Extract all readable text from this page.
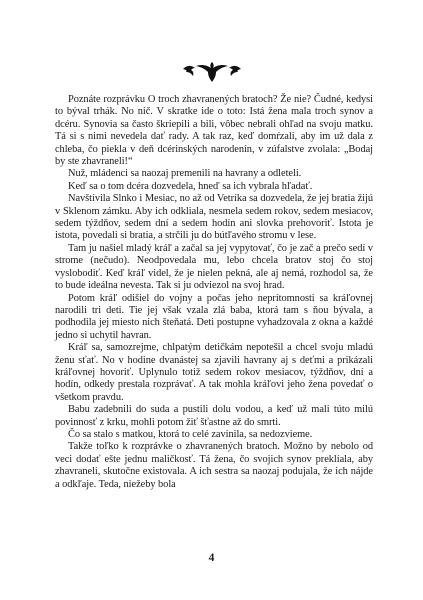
Poznáte rozprávku O troch zhavranených bratoch? Že nie? Čudné, kedysi to býval trhák. No nič. V skratke ide o toto: Istá žena mala troch synov a dcéru. Synovia sa často škriepili a bili, vôbec nebrali ohľad na svoju matku. Tá si s nimi nevedela dať rady. A tak raz, keď domŕzali, aby im už dala z chleba, čo piekla v deň dcérinských narodenín, v zúfalstve zvolala: „Bodaj by ste zhavraneli!“

Nuž, mládenci sa naozaj premenili na havrany a odleteli.

Keď sa o tom dcéra dozvedela, hneď sa ich vybrala hľadať.

Navštívila Slnko i Mesiac, no až od Vetríka sa dozvedela, že jej bratia žijú v Sklenom zámku. Aby ich odkliala, nesmela sedem rokov, sedem mesiacov, sedem týždňov, sedem dní a sedem hodín ani slovka prehovoriť. Istota je istota, povedali si bratia, a strčili ju do bútľavého stromu v lese.

Tam ju našiel mladý kráľ a začal sa jej vypytovať, čo je zač a prečo sedí v strome (nečudo). Neodpovedala mu, lebo chcela bratov stoj čo stoj vyslobodiť. Keď kráľ videl, že je nielen pekná, ale aj nemá, rozhodol sa, že to bude ideálna nevesta. Tak si ju odviezol na svoj hrad.

Potom kráľ odišiel do vojny a počas jeho neprítomnosti sa kráľovnej narodili tri deti. Tie jej však vzala zlá baba, ktorá tam s ňou bývala, a podhodila jej miesto nich šteňatá. Deti postupne vyhadzovala z okna a každé jedno si uchytil havran.

Kráľ sa, samozrejme, chlpatým detičkám nepotešil a chcel svoju mladú ženu sťať. No v hodine dvanástej sa zjavili havrany aj s deťmi a prikázali kráľovnej hovoriť. Uplynulo totiž sedem rokov mesiacov, týždňov, dní a hodín, odkedy prestala rozprávať. A tak mohla kráľovi jeho žena povedať o všetkom pravdu.

Babu zadebnili do suda a pustili dolu vodou, a keď už mali túto milú povinnosť z krku, mohli potom žiť šťastne až do smrti.

Čo sa stalo s matkou, ktorá to celé zavinila, sa nedozvieme.

Takže toľko k rozprávke o zhavranených bratoch. Možno by nebolo od veci dodať ešte jednu maličkosť. Tá žena, čo svojich synov preklíala, aby zhavraneli, skutočne existovala. A ich sestra sa naozaj podujala, že ich nájde a odkľaje. Teda, niežeby bola

4
